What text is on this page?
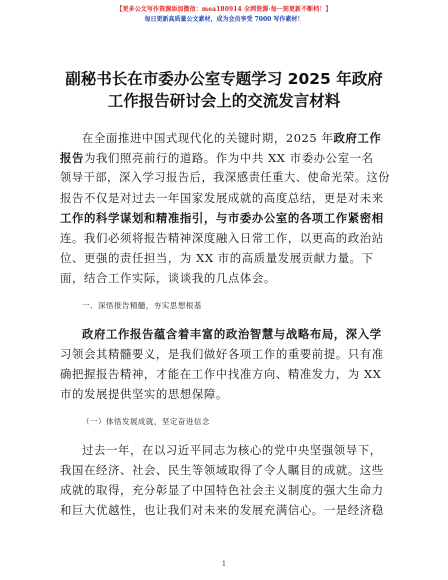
【更多公文写作资源添加微信：mea180914 全网资源·每一刻更新不断档！】
每日更新高质量公文素材，成为会员享受 7000 写作素材！
副秘书长在市委办公室专题学习 2025 年政府工作报告研讨会上的交流发言材料
在全面推进中国式现代化的关键时期，2025 年政府工作
报告为我们照亮前行的道路。作为中共 XX 市委办公室一名
领导干部，深入学习报告后，我深感责任重大、使命光荣。这份
报告不仅是对过去一年国家发展成就的高度总结，更是对未来
工作的科学谋划和精准指引，与市委办公室的各项工作紧密相
连。我们必须将报告精神深度融入日常工作，以更高的政治站
位、更强的责任担当，为 XX 市的高质量发展贡献力量。下
面，结合工作实际，谈谈我的几点体会。
一、深悟报告精髓，夯实思想根基
政府工作报告蕴含着丰富的政治智慧与战略布局，深入学
习领会其精髓要义，是我们做好各项工作的重要前提。只有准
确把握报告精神，才能在工作中找准方向、精准发力，为 XX
市的发展提供坚实的思想保障。
（一）体悟发展成就，坚定奋进信念
过去一年，在以习近平同志为核心的党中央坚强领导下，
我国在经济、社会、民生等领域取得了令人瞩目的成就。这些
成就的取得，充分彰显了中国特色社会主义制度的强大生命力
和巨大优越性，也让我们对未来的发展充满信心。一是经济稳
1
